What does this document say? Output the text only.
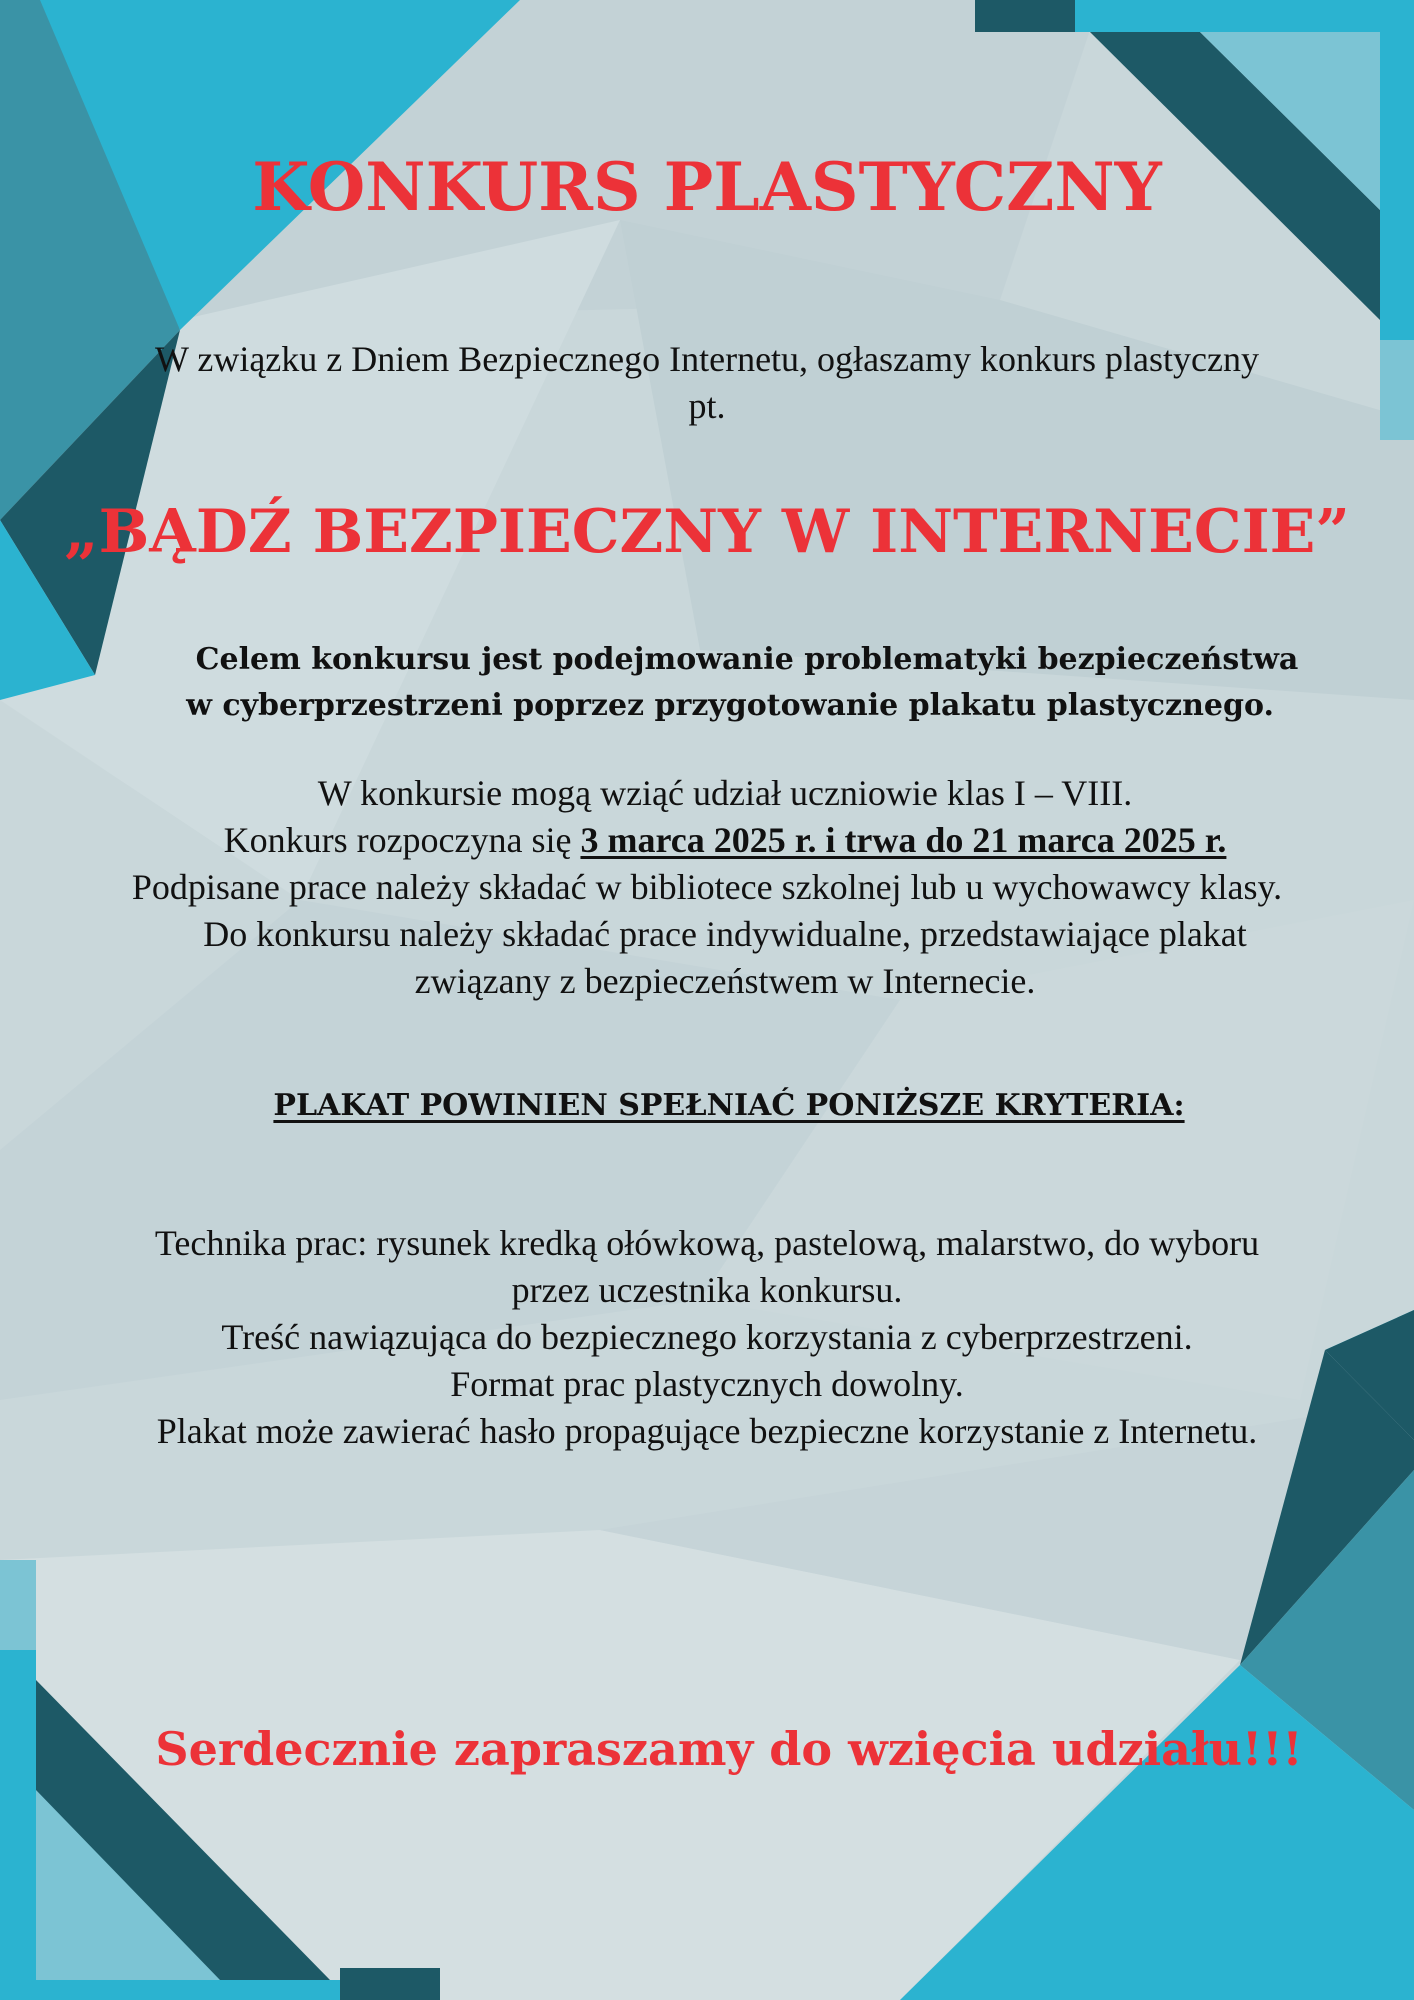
KONKURS PLASTYCZNY

W związku z Dniem Bezpiecznego Internetu, ogłaszamy konkurs plastyczny

pt.

„BĄDŹ BEZPIECZNY W INTERNECIE”

Celem konkursu jest podejmowanie problematyki bezpieczeństwa

w cyberprzestrzeni poprzez przygotowanie plakatu plastycznego.

W konkursie mogą wziąć udział uczniowie klas I – VIII.

Konkurs rozpoczyna się 3 marca 2025 r. i trwa do 21 marca 2025 r.

Podpisane prace należy składać w bibliotece szkolnej lub u wychowawcy klasy.

Do konkursu należy składać prace indywidualne, przedstawiające plakat

związany z bezpieczeństwem w Internecie.

PLAKAT POWINIEN SPEŁNIAĆ PONIŻSZE KRYTERIA:

Technika prac: rysunek kredką ołówkową, pastelową, malarstwo, do wyboru

przez uczestnika konkursu.

Treść nawiązująca do bezpiecznego korzystania z cyberprzestrzeni.

Format prac plastycznych dowolny.

Plakat może zawierać hasło propagujące bezpieczne korzystanie z Internetu.

Serdecznie zapraszamy do wzięcia udziału!!!
